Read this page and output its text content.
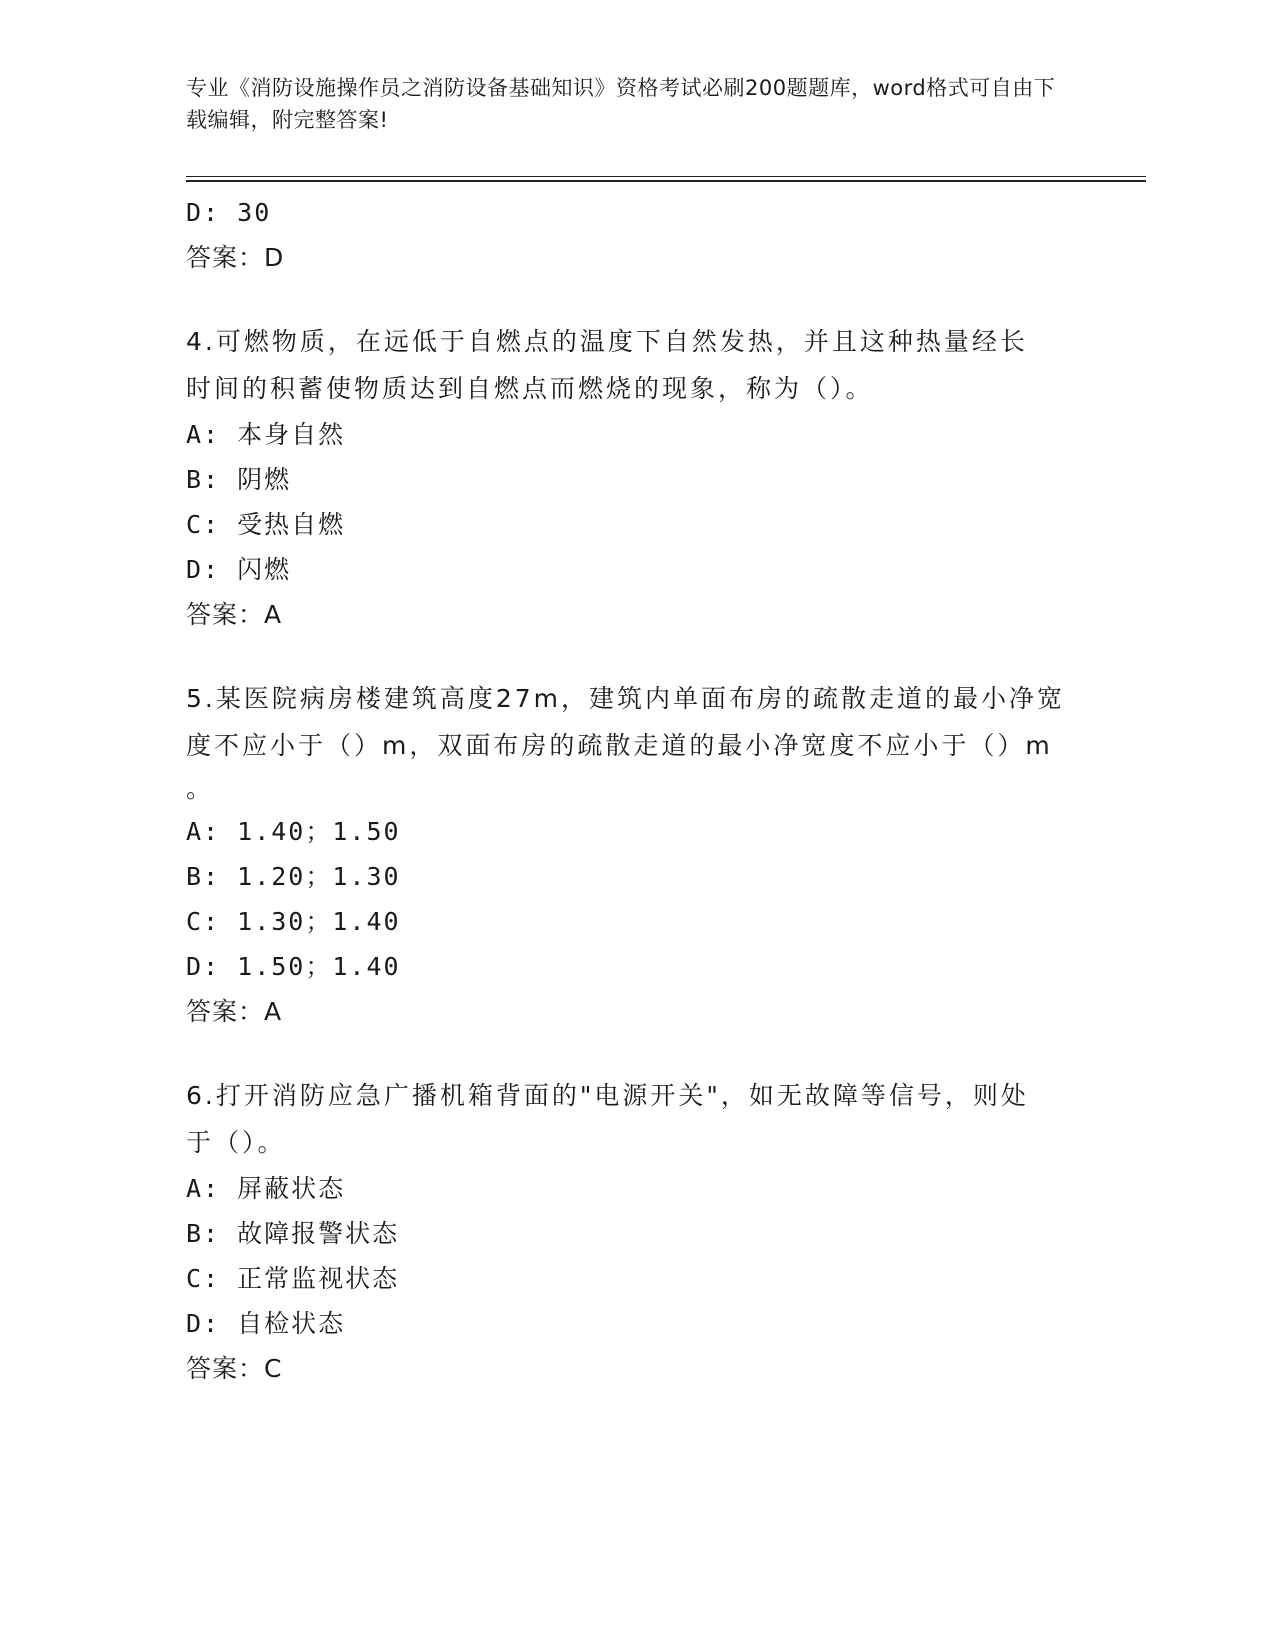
专业《消防设施操作员之消防设备基础知识》资格考试必刷200题题库，word格式可自由下载编辑，附完整答案!

D: 30

答案：D

4.可燃物质，在远低于自燃点的温度下自然发热，并且这种热量经长

时间的积蓄使物质达到自燃点而燃烧的现象，称为（）。

A: 本身自然

B: 阴燃

C: 受热自燃

D: 闪燃

答案：A

5.某医院病房楼建筑高度27m，建筑内单面布房的疏散走道的最小净宽

度不应小于（）m，双面布房的疏散走道的最小净宽度不应小于（）m

。

A: 1.40；1.50

B: 1.20；1.30

C: 1.30；1.40

D: 1.50；1.40

答案：A

6.打开消防应急广播机箱背面的"电源开关"，如无故障等信号，则处

于（）。

A: 屏蔽状态

B: 故障报警状态

C: 正常监视状态

D: 自检状态

答案：C
